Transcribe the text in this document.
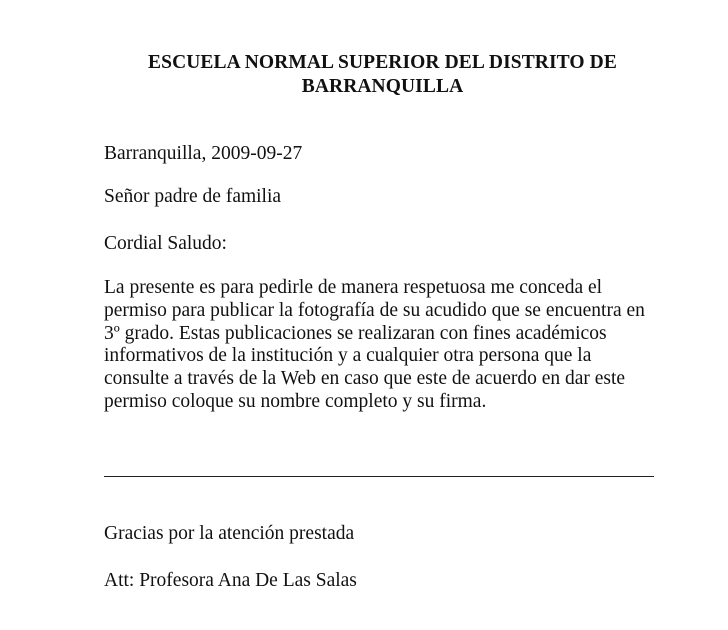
ESCUELA NORMAL SUPERIOR DEL DISTRITO DE
BARRANQUILLA
Barranquilla, 2009-09-27
Señor padre de familia
Cordial Saludo:
La presente es para pedirle de manera respetuosa me conceda el
permiso para publicar la fotografía de su acudido que se encuentra en
3º grado. Estas publicaciones se realizaran con fines académicos
informativos de la institución y a cualquier otra persona que la
consulte a través de la Web en caso que este de acuerdo en dar este
permiso coloque su nombre completo y su firma.
Gracias por la atención prestada
Att: Profesora Ana De Las Salas
